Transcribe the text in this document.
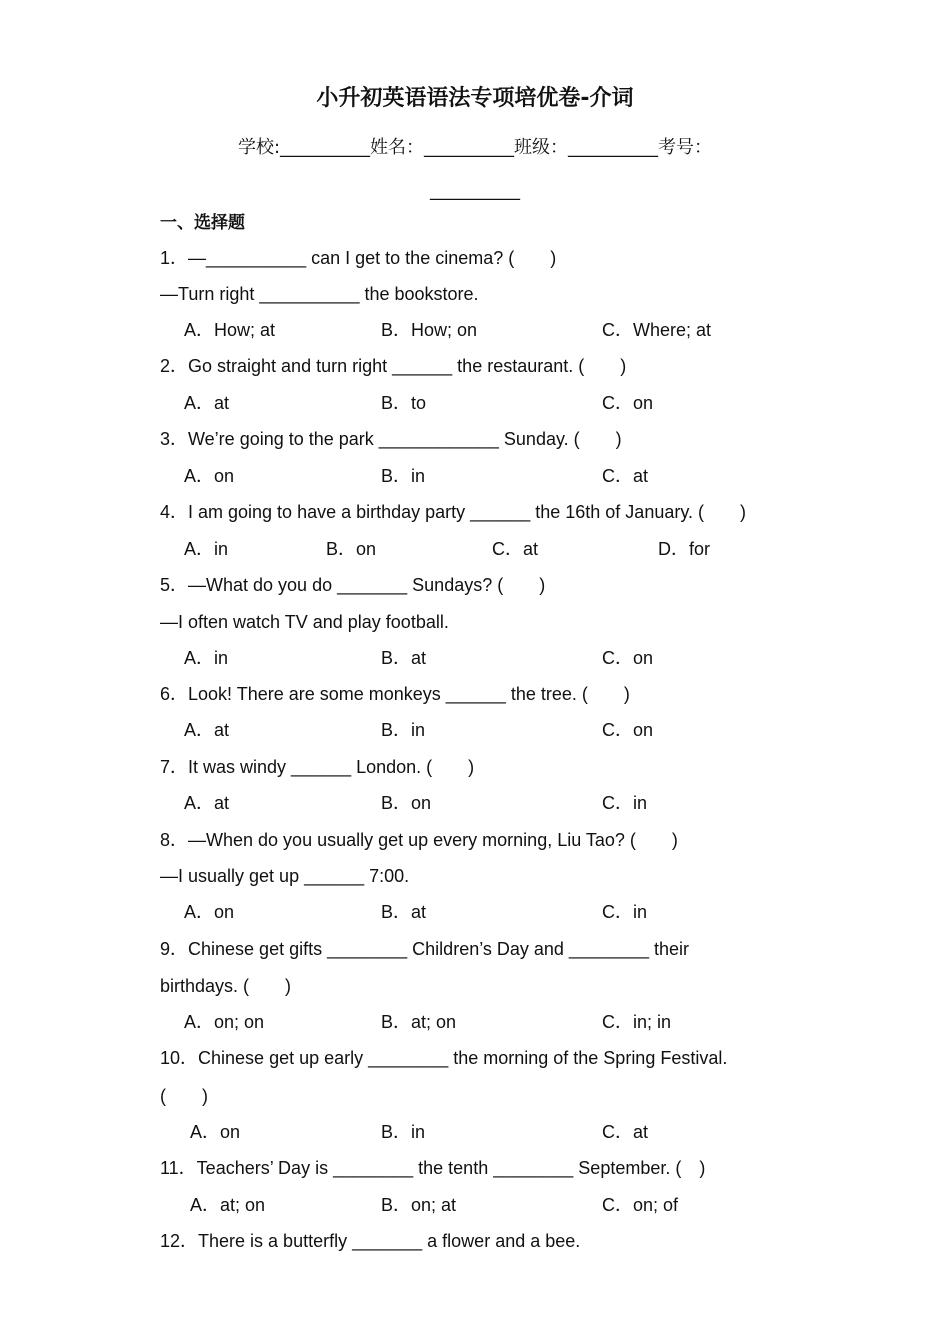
小升初英语语法专项培优卷-介词
学校:__________姓名：__________班级：__________考号：
__________
一、选择题
1．—__________ can I get to the cinema? (　　)
—Turn right __________ the bookstore.
A．How; at	B．How; on	C．Where; at
2．Go straight and turn right ______ the restaurant. (　　)
A．at	B．to	C．on
3．We’re going to the park ____________ Sunday. (　　)
A．on	B．in	C．at
4．I am going to have a birthday party ______ the 16th of January. (　　)
A．in	B．on	C．at	D．for
5．—What do you do _______ Sundays? (　　)
—I often watch TV and play football.
A．in	B．at	C．on
6．Look! There are some monkeys ______ the tree. (　　)
A．at	B．in	C．on
7．It was windy ______ London. (　　)
A．at	B．on	C．in
8．—When do you usually get up every morning, Liu Tao? (　　)
—I usually get up ______ 7:00.
A．on	B．at	C．in
9．Chinese get gifts ________ Children’s Day and ________ their
birthdays. (　　)
A．on; on	B．at; on	C．in; in
10．Chinese get up early ________ the morning of the Spring Festival.
(　　)
A．on	B．in	C．at
11．Teachers’ Day is ________ the tenth ________ September. (　)
A．at; on	B．on; at	C．on; of
12．There is a butterfly _______ a flower and a bee.
